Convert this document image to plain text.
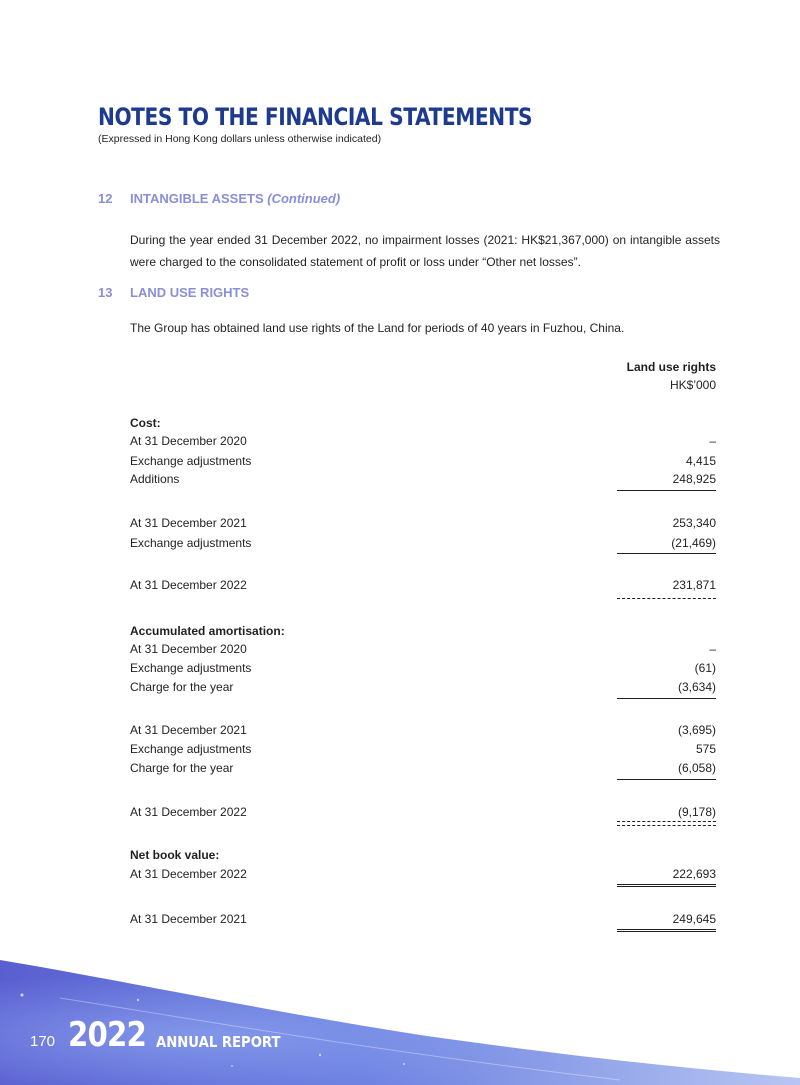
NOTES TO THE FINANCIAL STATEMENTS
(Expressed in Hong Kong dollars unless otherwise indicated)
12 INTANGIBLE ASSETS (Continued)

During the year ended 31 December 2022, no impairment losses (2021: HK$21,367,000) on intangible assets were charged to the consolidated statement of profit or loss under “Other net losses”.

13 LAND USE RIGHTS

The Group has obtained land use rights of the Land for periods of 40 years in Fuzhou, China.

Land use rights
HK$’000
Cost:
At 31 December 2020	–
Exchange adjustments	4,415
Additions	248,925
At 31 December 2021	253,340
Exchange adjustments	(21,469)
At 31 December 2022	231,871
Accumulated amortisation:
At 31 December 2020	–
Exchange adjustments	(61)
Charge for the year	(3,634)
At 31 December 2021	(3,695)
Exchange adjustments	575
Charge for the year	(6,058)
At 31 December 2022	(9,178)
Net book value:
At 31 December 2022	222,693
At 31 December 2021	249,645
170 2022 ANNUAL REPORT
